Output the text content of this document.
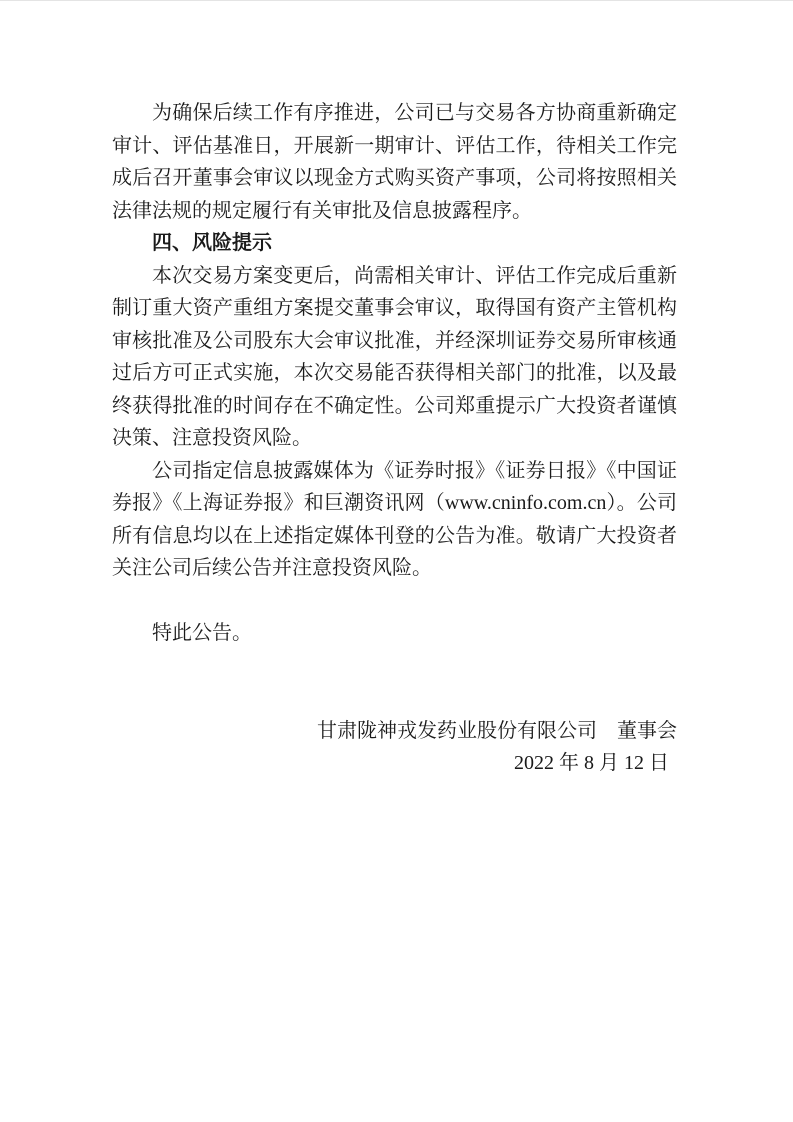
为确保后续工作有序推进，公司已与交易各方协商重新确定审计、评估基准日，开展新一期审计、评估工作，待相关工作完成后召开董事会审议以现金方式购买资产事项，公司将按照相关法律法规的规定履行有关审批及信息披露程序。

四、风险提示

本次交易方案变更后，尚需相关审计、评估工作完成后重新制订重大资产重组方案提交董事会审议，取得国有资产主管机构审核批准及公司股东大会审议批准，并经深圳证券交易所审核通过后方可正式实施，本次交易能否获得相关部门的批准，以及最终获得批准的时间存在不确定性。公司郑重提示广大投资者谨慎决策、注意投资风险。

公司指定信息披露媒体为《证券时报》《证券日报》《中国证券报》《上海证券报》和巨潮资讯网（www.cninfo.com.cn）。公司所有信息均以在上述指定媒体刊登的公告为准。敬请广大投资者关注公司后续公告并注意投资风险。

特此公告。

甘肃陇神戎发药业股份有限公司　董事会

2022 年 8 月 12 日
